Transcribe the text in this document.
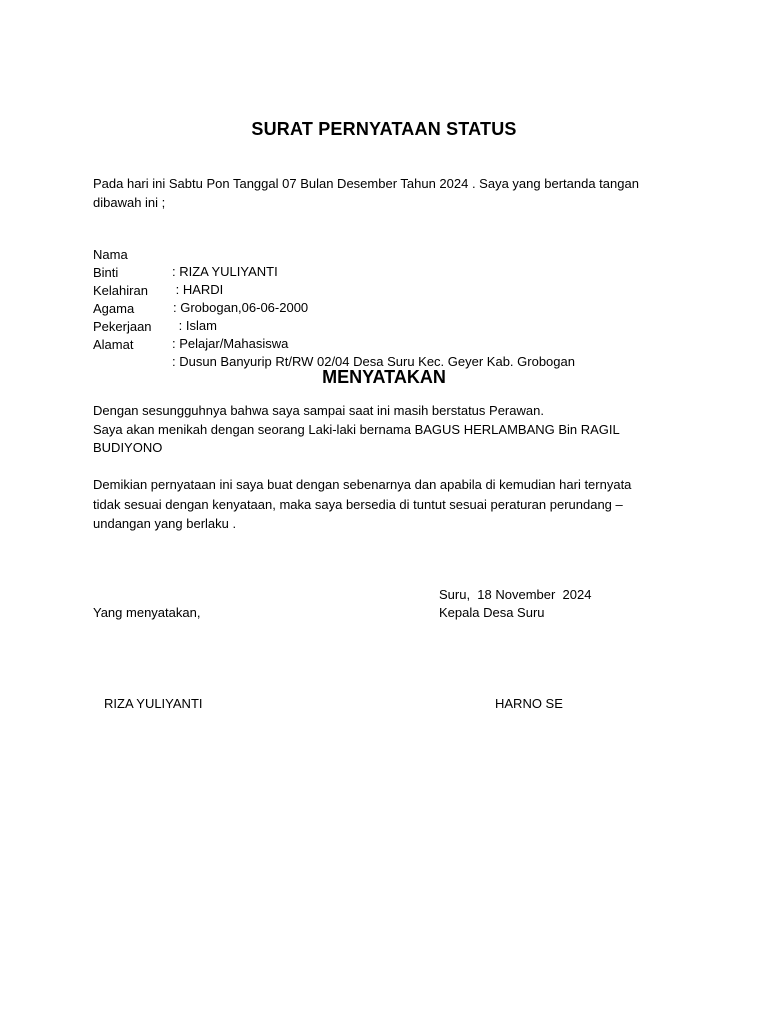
SURAT PERNYATAAN STATUS
Pada hari ini Sabtu Pon Tanggal 07 Bulan Desember Tahun 2024 . Saya yang bertanda tangan dibawah ini ;

Nama

: RIZA YULIYANTI

Binti

: HARDI

Kelahiran

: Grobogan,06-06-2000

Agama

: Islam

Pekerjaan

: Pelajar/Mahasiswa

Alamat

: Dusun Banyurip Rt/RW 02/04 Desa Suru Kec. Geyer Kab. Grobogan

MENYATAKAN
Dengan sesungguhnya bahwa saya sampai saat ini masih berstatus Perawan.
Saya akan menikah dengan seorang Laki-laki bernama BAGUS HERLAMBANG Bin RAGIL BUDIYONO
Demikian pernyataan ini saya buat dengan sebenarnya dan apabila di kemudian hari ternyata tidak sesuai dengan kenyataan, maka saya bersedia di tuntut sesuai peraturan perundang – undangan yang berlaku .
Suru,  18 November  2024
Yang menyatakan,	Kepala Desa Suru
RIZA YULIYANTI	HARNO SE
